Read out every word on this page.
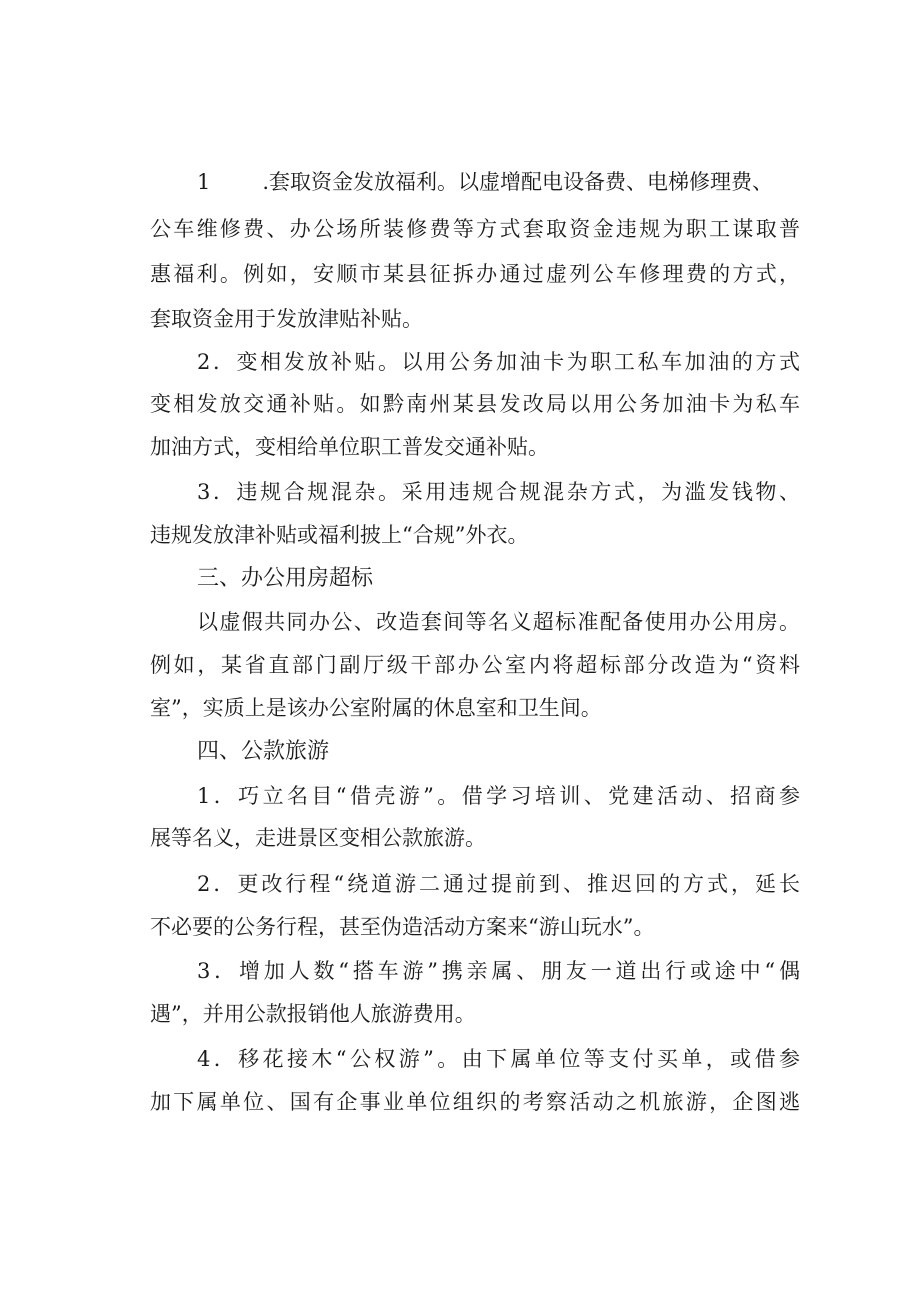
1 .套取资金发放福利。以虚增配电设备费、电梯修理费、
公车维修费、办公场所装修费等方式套取资金违规为职工谋取普
惠福利。例如，安顺市某县征拆办通过虚列公车修理费的方式，
套取资金用于发放津贴补贴。
2．变相发放补贴。以用公务加油卡为职工私车加油的方式
变相发放交通补贴。如黔南州某县发改局以用公务加油卡为私车
加油方式，变相给单位职工普发交通补贴。
3．违规合规混杂。采用违规合规混杂方式，为滥发钱物、
违规发放津补贴或福利披上“合规”外衣。
三、办公用房超标
以虚假共同办公、改造套间等名义超标准配备使用办公用房。
例如，某省直部门副厅级干部办公室内将超标部分改造为“资料
室”，实质上是该办公室附属的休息室和卫生间。
四、公款旅游
1．巧立名目“借壳游”。借学习培训、党建活动、招商参
展等名义，走进景区变相公款旅游。
2．更改行程“绕道游二通过提前到、推迟回的方式，延长
不必要的公务行程，甚至伪造活动方案来“游山玩水”。
3．增加人数“搭车游”携亲属、朋友一道出行或途中“偶
遇”，并用公款报销他人旅游费用。
4．移花接木“公权游”。由下属单位等支付买单，或借参
加下属单位、国有企事业单位组织的考察活动之机旅游，企图逃
